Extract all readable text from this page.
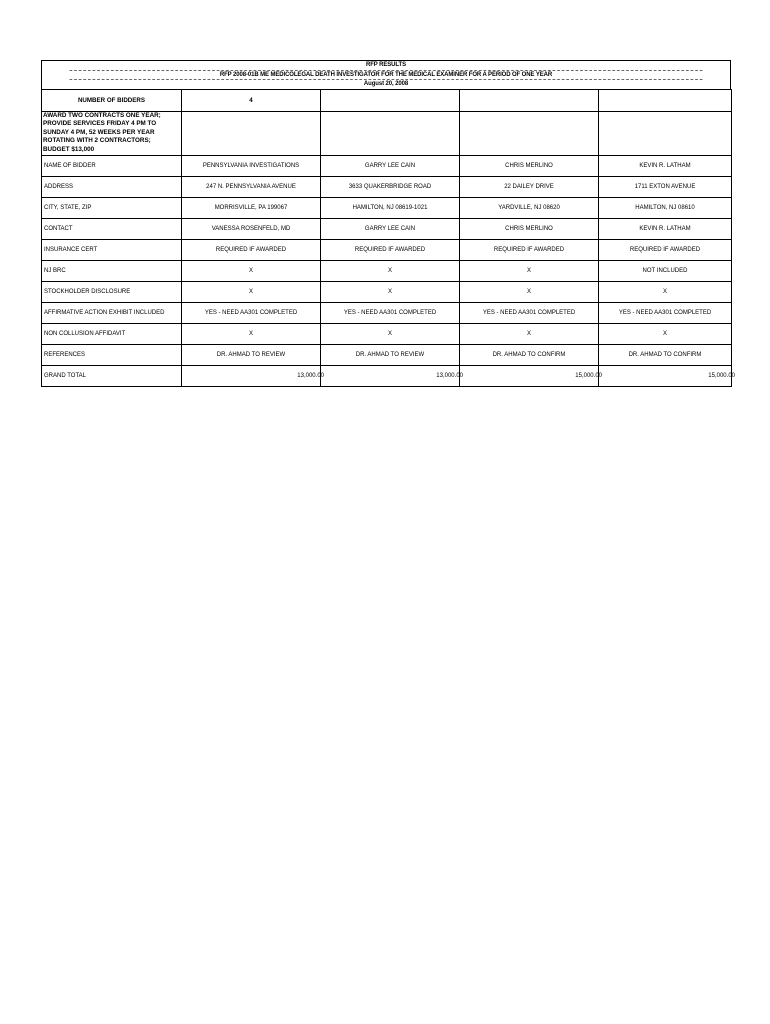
RFP RESULTS
RFP 2008-01B ME MEDICOLEGAL DEATH INVESTIGATOR FOR THE MEDICAL EXAMINER FOR A PERIOD OF ONE YEAR
August 20, 2008
NUMBER OF BIDDERS	4			
AWARD TWO CONTRACTS ONE YEAR; PROVIDE SERVICES FRIDAY 4 PM TO SUNDAY 4 PM, 52 WEEKS PER YEAR ROTATING WITH 2 CONTRACTORS; BUDGET $13,000				
NAME OF BIDDER	PENNSYLVANIA INVESTIGATIONS	GARRY LEE CAIN	CHRIS MERLINO	KEVIN R. LATHAM
ADDRESS	247 N. PENNSYLVANIA AVENUE	3633 QUAKERBRIDGE ROAD	22 DAILEY DRIVE	1711 EXTON AVENUE
CITY, STATE, ZIP	MORRISVILLE, PA 199067	HAMILTON, NJ 08619-1021	YARDVILLE, NJ 08620	HAMILTON, NJ 08610
CONTACT	VANESSA ROSENFELD, MD	GARRY LEE CAIN	CHRIS MERLINO	KEVIN R. LATHAM
INSURANCE CERT	REQUIRED IF AWARDED	REQUIRED IF AWARDED	REQUIRED IF AWARDED	REQUIRED IF AWARDED
NJ BRC	X	X	X	NOT INCLUDED
STOCKHOLDER DISCLOSURE	X	X	X	X
AFFIRMATIVE ACTION EXHIBIT INCLUDED	YES - NEED AA301 COMPLETED	YES - NEED AA301 COMPLETED	YES - NEED AA301 COMPLETED	YES - NEED AA301 COMPLETED
NON COLLUSION AFFIDAVIT	X	X	X	X
REFERENCES	DR. AHMAD TO REVIEW	DR. AHMAD TO REVIEW	DR. AHMAD TO CONFIRM	DR. AHMAD TO CONFIRM
GRAND TOTAL	13,000.00	13,000.00	15,000.00	15,000.00
